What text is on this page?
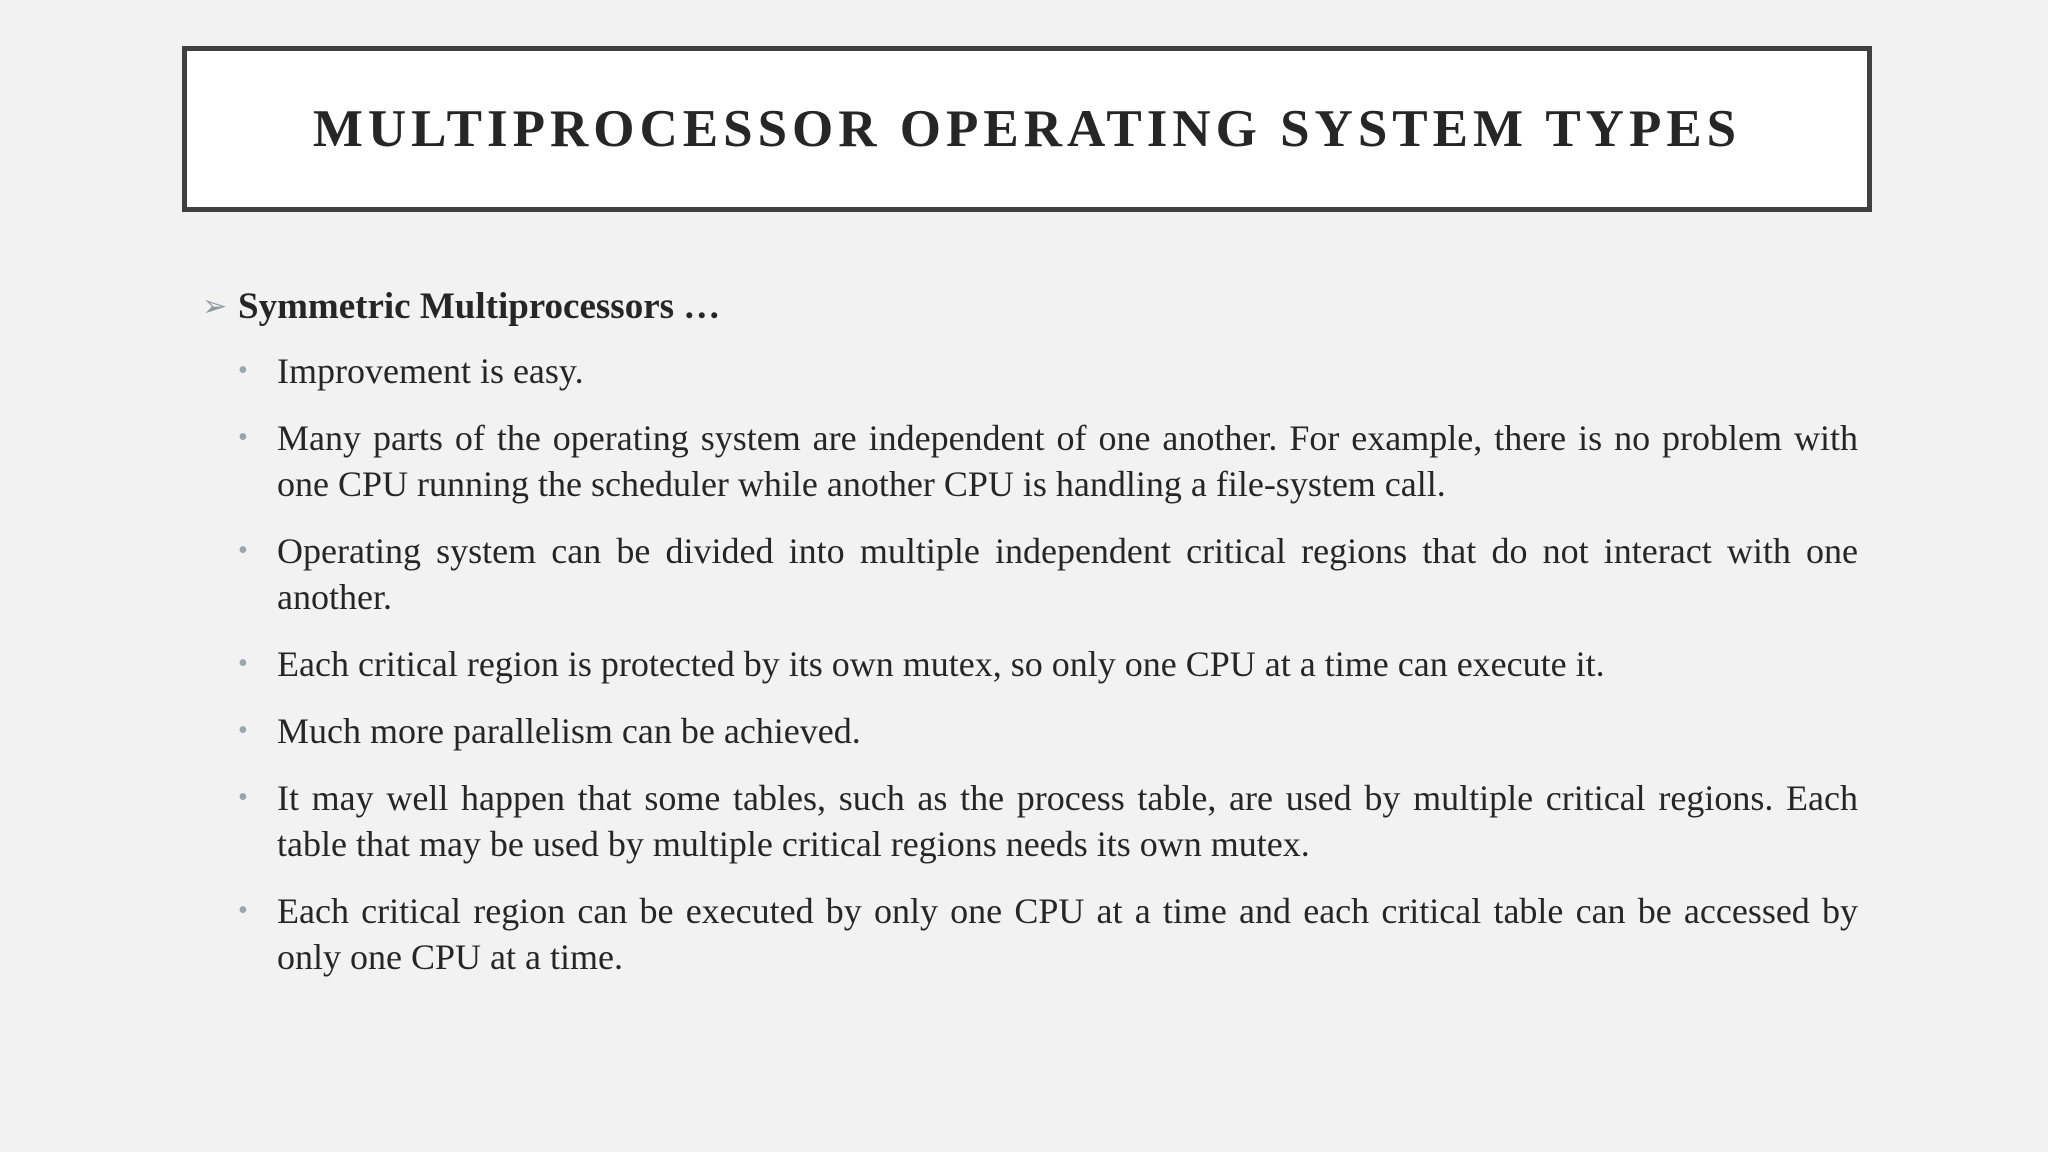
MULTIPROCESSOR OPERATING SYSTEM TYPES
➢ Symmetric Multiprocessors …
• Improvement is easy.
• Many parts of the operating system are independent of one another. For example, there is no problem with one CPU running the scheduler while another CPU is handling a file-system call.
• Operating system can be divided into multiple independent critical regions that do not interact with one another.
• Each critical region is protected by its own mutex, so only one CPU at a time can execute it.
• Much more parallelism can be achieved.
• It may well happen that some tables, such as the process table, are used by multiple critical regions. Each table that may be used by multiple critical regions needs its own mutex.
• Each critical region can be executed by only one CPU at a time and each critical table can be accessed by only one CPU at a time.
